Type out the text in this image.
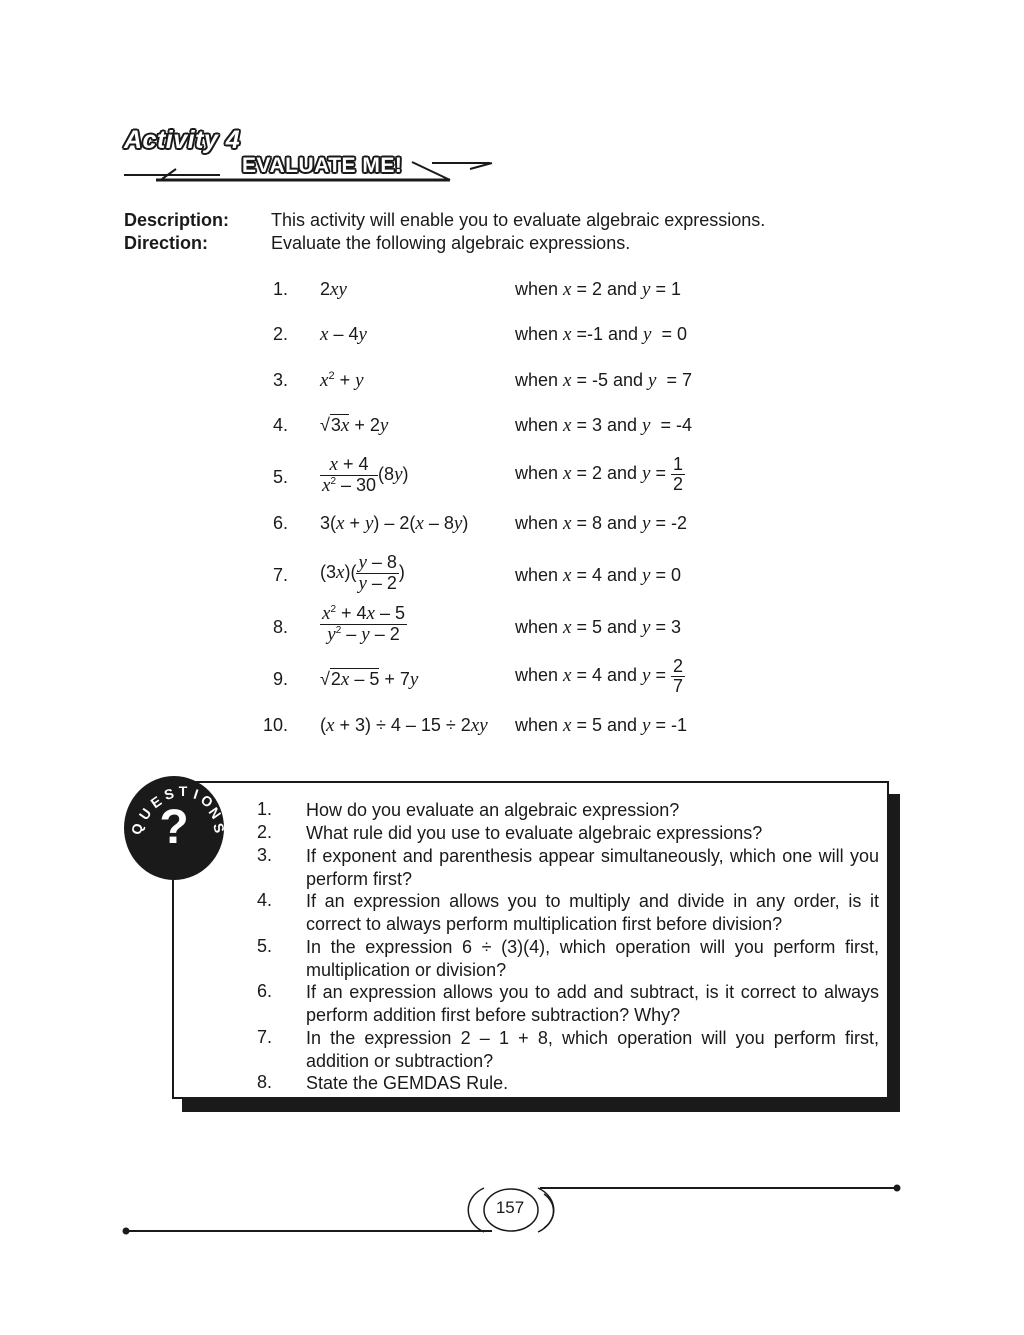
Activity 4
EVALUATE ME!
Description: This activity will enable you to evaluate algebraic expressions.
Direction:	Evaluate the following algebraic expressions.
1. 2xy	when x = 2 and y = 1
2. x – 4y	when x =-1 and y  = 0
3. $x^2 + y$	when x = -5 and y  = 7
4. √3x + 2y	when x = 3 and y  = -4
5. $\frac{x + 4}{x^2 - 30} (8y)$	when x = 2 and $y = \frac{1}{2}$
6. 3(x + y) – 2(x – 8y)	when x = 8 and y = -2
7. $(3x)( \frac{y - 8}{y - 2}$ )	when x = 4 and y = 0
8. $\frac{x^2 + 4x - 5}{y^2 - y - 2}$	when x = 5 and y = 3
9. √2x – 5 + 7y	when x = 4 and $y = \frac{2}{7}$
10. (x + 3) ÷ 4 – 15 ÷ 2xy when x = 5 and y = -1
?
Q
U
E
S T I
O
N
S
1. How do you evaluate an algebraic expression?
2. What rule did you use to evaluate algebraic expressions?
3. If exponent and parenthesis appear simultaneously, which one will you perform first?
4. If an expression allows you to multiply and divide in any order, is it correct to always perform multiplication first before division?
5. In the expression 6 ÷ (3)(4), which operation will you perform first, multiplication or division?
6. If an expression allows you to add and subtract, is it correct to always perform addition first before subtraction? Why?
7. In the expression 2 – 1 + 8, which operation will you perform first, addition or subtraction?
8. State the GEMDAS Rule.
157
